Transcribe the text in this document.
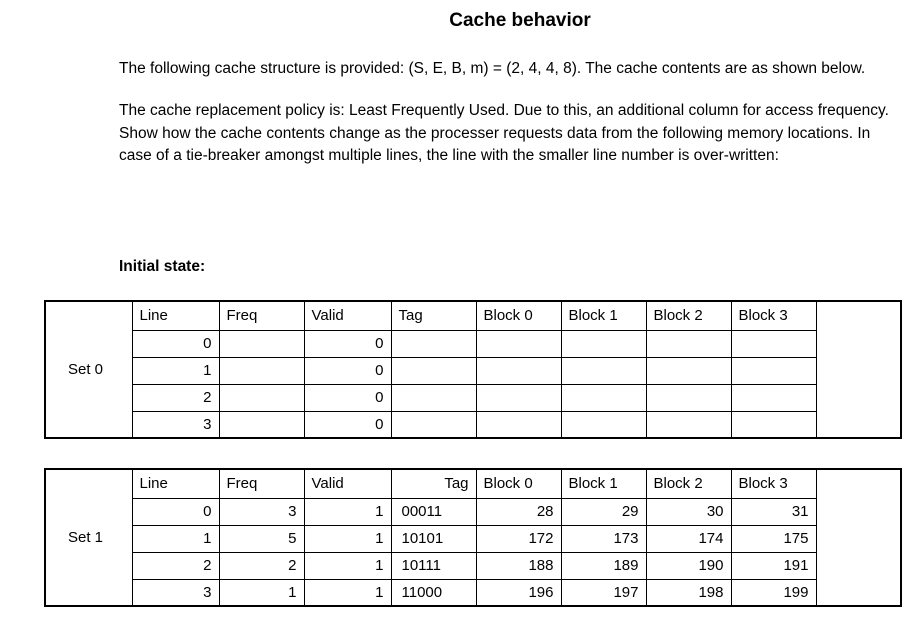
Cache behavior

The following cache structure is provided: (S, E, B, m) = (2, 4, 4, 8). The cache contents are as shown below.

The cache replacement policy is: Least Frequently Used. Due to this, an additional column for access frequency. Show how the cache contents change as the processer requests data from the following memory locations. In case of a tie-breaker amongst multiple lines, the line with the smaller line number is over-written:

Initial state:
Set 0	Line	Freq	Valid	Tag	Block 0	Block 1	Block 2	Block 3
	0		0					
	1		0					
	2		0					
	3		0					
Set 1	Line	Freq	Valid	Tag	Block 0	Block 1	Block 2	Block 3
	0	3	1	00011	28	29	30	31
	1	5	1	10101	172	173	174	175
	2	2	1	10111	188	189	190	191
	3	1	1	11000	196	197	198	199
